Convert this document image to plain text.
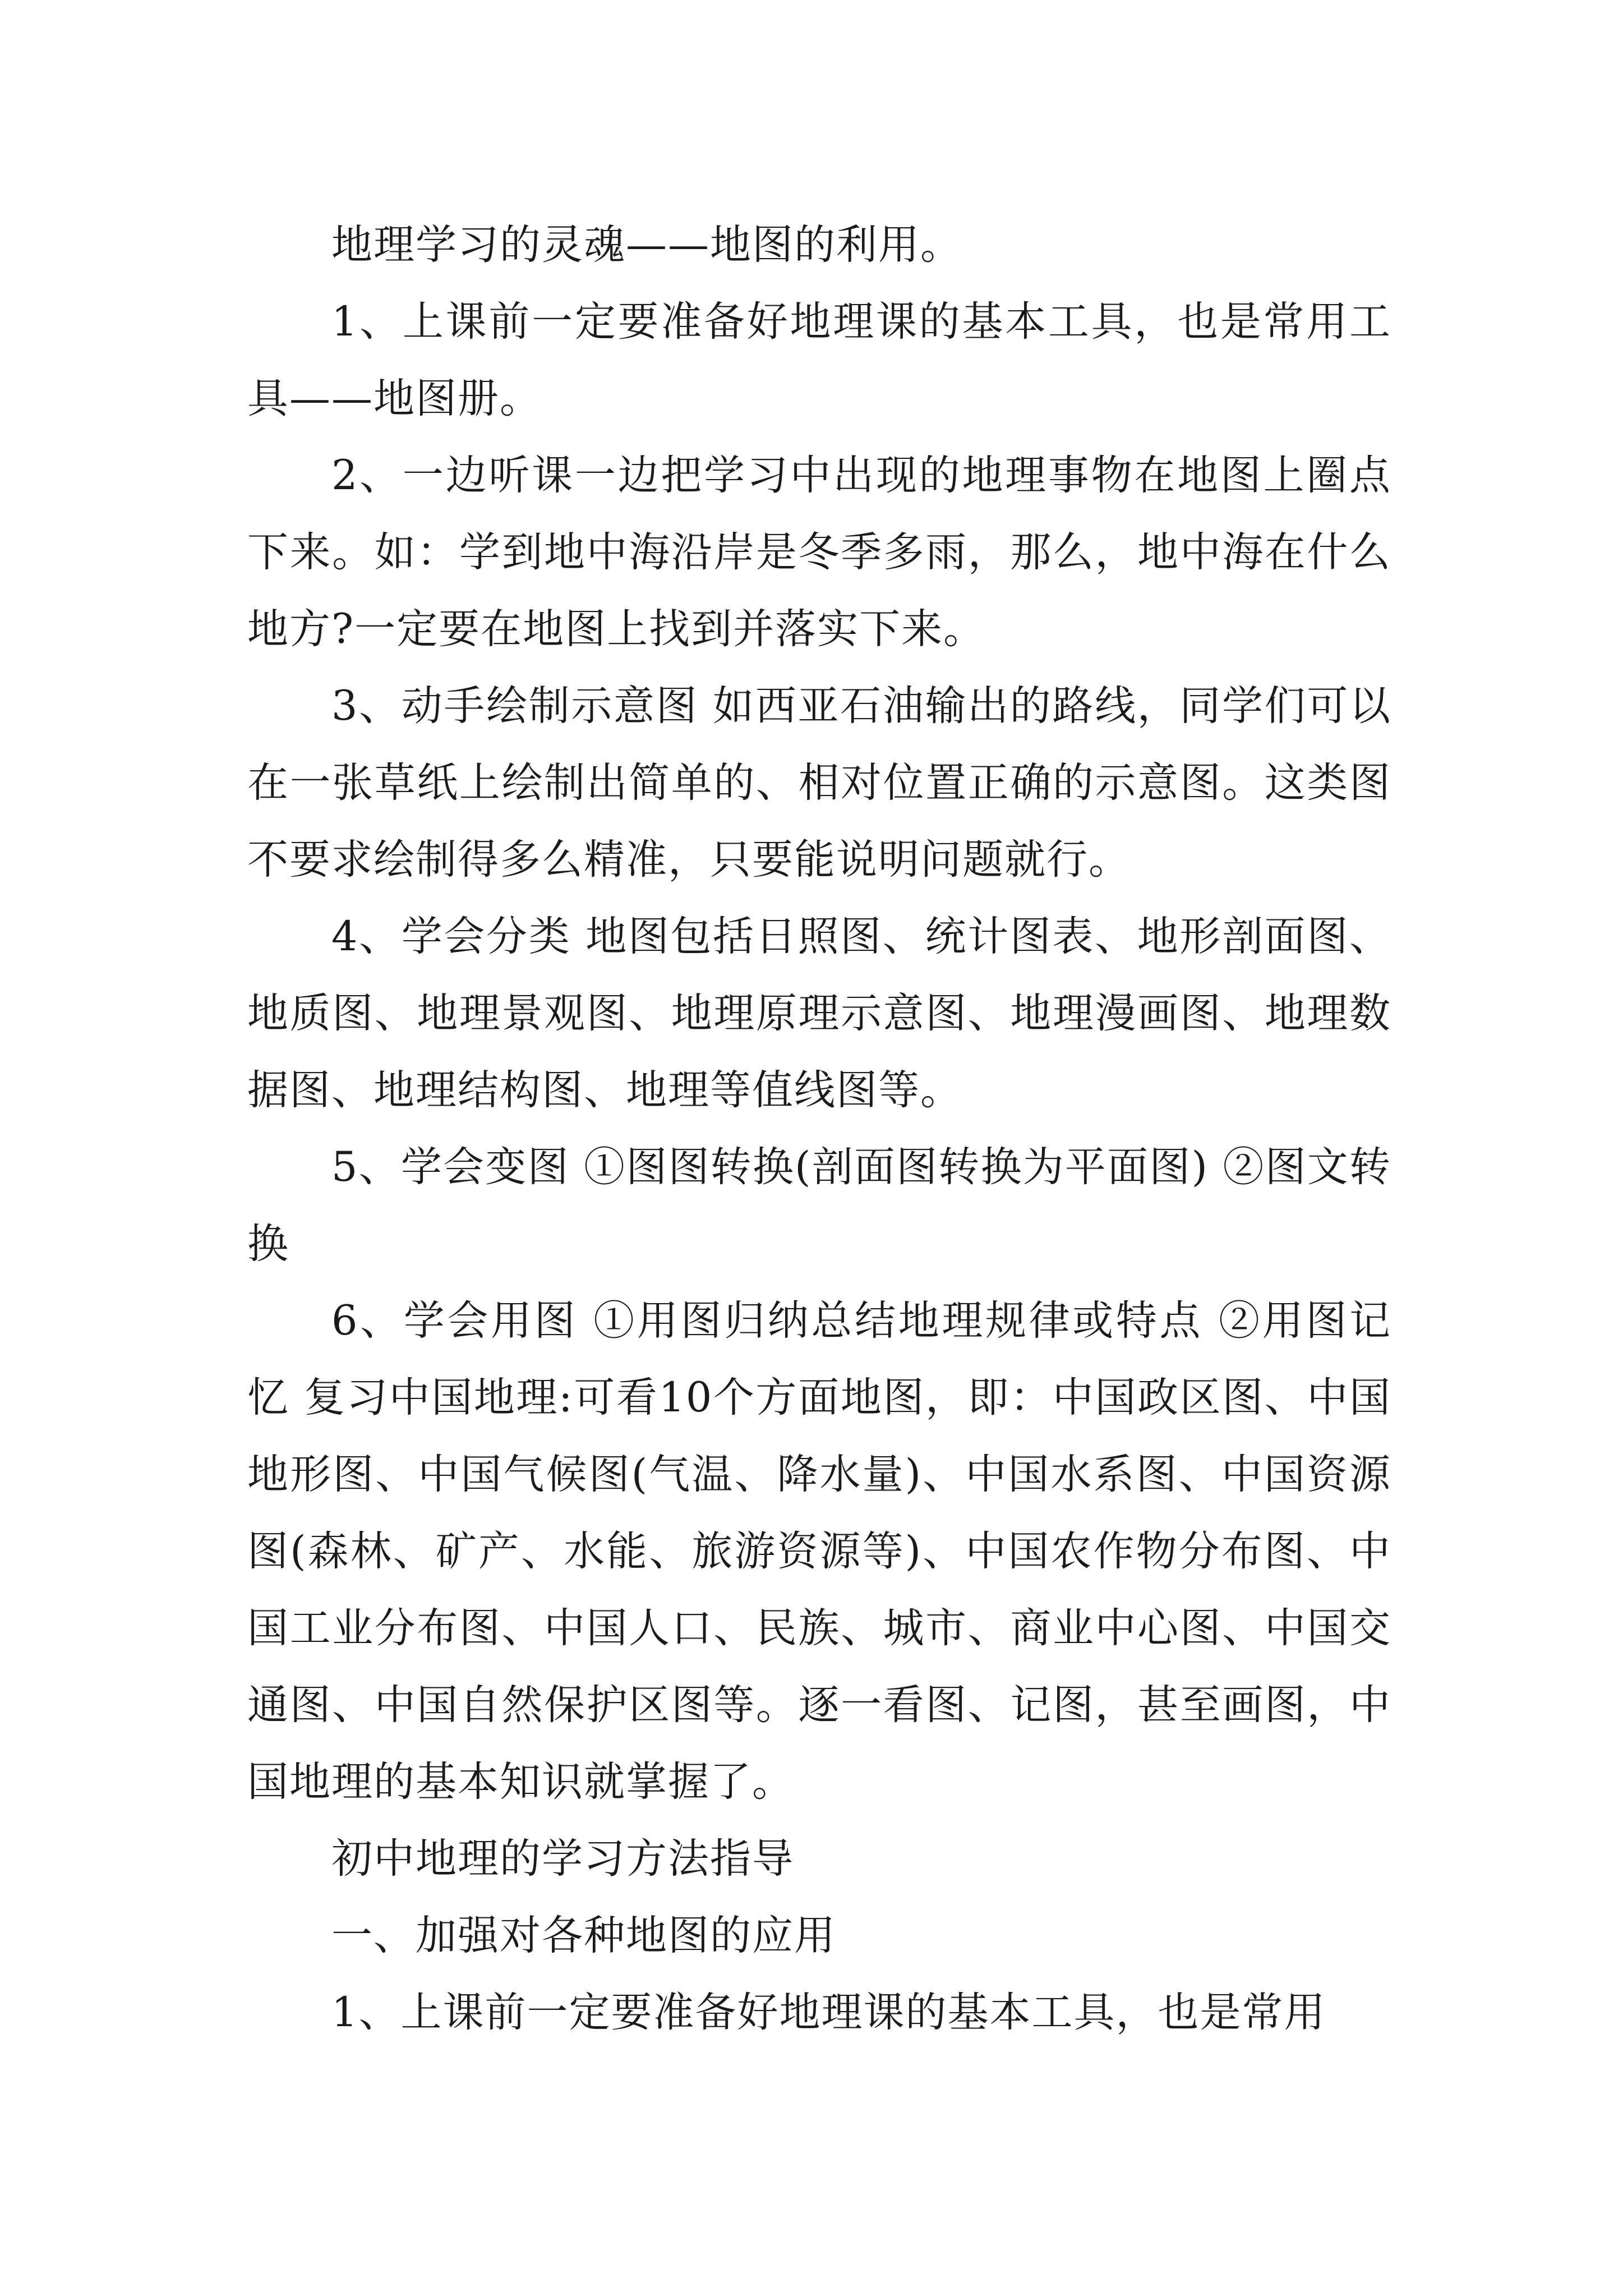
地理学习的灵魂——地图的利用。

1、上课前一定要准备好地理课的基本工具，也是常用工具——地图册。

2、一边听课一边把学习中出现的地理事物在地图上圈点下来。如：学到地中海沿岸是冬季多雨，那么，地中海在什么地方?一定要在地图上找到并落实下来。

3、动手绘制示意图 如西亚石油输出的路线，同学们可以在一张草纸上绘制出简单的、相对位置正确的示意图。这类图不要求绘制得多么精准，只要能说明问题就行。

4、学会分类 地图包括日照图、统计图表、地形剖面图、地质图、地理景观图、地理原理示意图、地理漫画图、地理数据图、地理结构图、地理等值线图等。

5、学会变图 ①图图转换(剖面图转换为平面图) ②图文转换

6、学会用图 ①用图归纳总结地理规律或特点 ②用图记忆 复习中国地理:可看10个方面地图，即：中国政区图、中国地形图、中国气候图(气温、降水量)、中国水系图、中国资源图(森林、矿产、水能、旅游资源等)、中国农作物分布图、中国工业分布图、中国人口、民族、城市、商业中心图、中国交通图、中国自然保护区图等。逐一看图、记图，甚至画图，中国地理的基本知识就掌握了。

初中地理的学习方法指导

一、加强对各种地图的应用

1、上课前一定要准备好地理课的基本工具，也是常用
